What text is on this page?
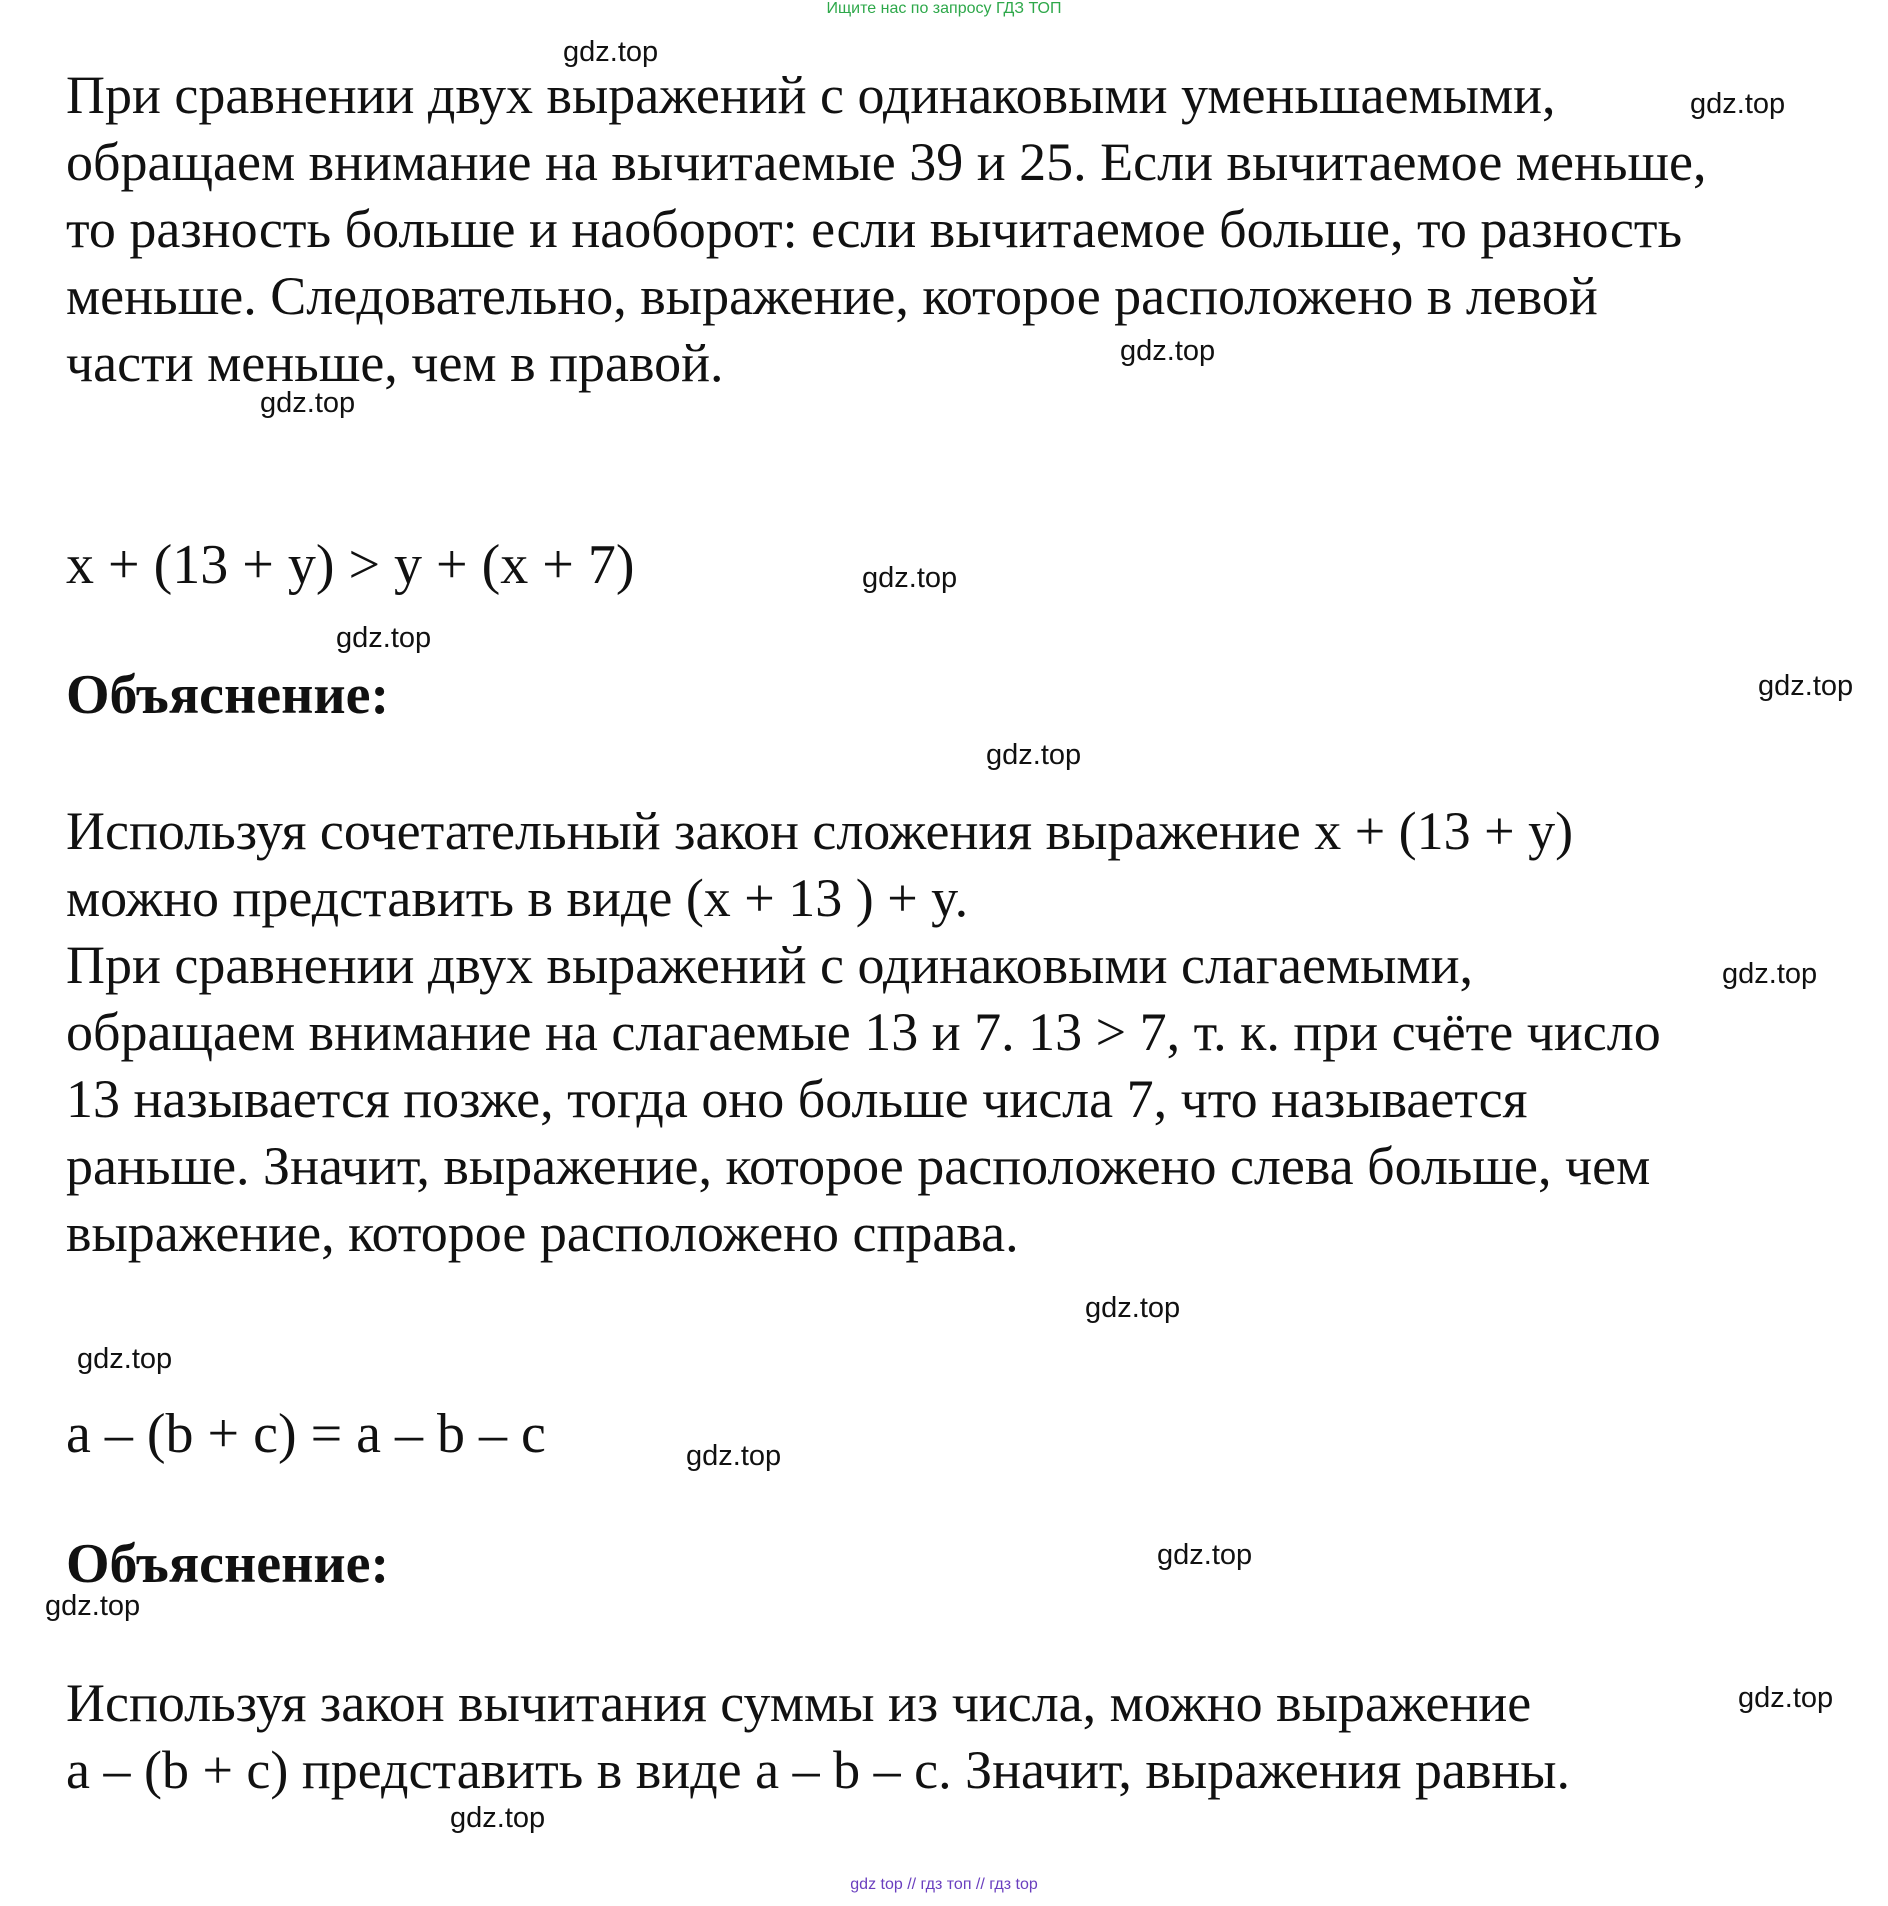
Ищите нас по запросу ГДЗ ТОП
При сравнении двух выражений с одинаковыми уменьшаемыми,
обращаем внимание на вычитаемые 39 и 25. Если вычитаемое меньше,
то разность больше и наоборот: если вычитаемое больше, то разность
меньше. Следовательно, выражение, которое расположено в левой
части меньше, чем в правой.
x + (13 + y) > y + (x + 7)
Объяснение:
Используя сочетательный закон сложения выражение x + (13 + y)
можно представить в виде (x + 13 ) + y.
При сравнении двух выражений с одинаковыми слагаемыми,
обращаем внимание на слагаемые 13 и 7. 13 > 7, т. к. при счёте число
13 называется позже, тогда оно больше числа 7, что называется
раньше. Значит, выражение, которое расположено слева больше, чем
выражение, которое расположено справа.
a – (b + c) = a – b – c
Объяснение:
Используя закон вычитания суммы из числа, можно выражение
a – (b + c) представить в виде a – b – c. Значит, выражения равны.
gdz.top
gdz.top
gdz.top
gdz.top
gdz.top
gdz.top
gdz.top
gdz.top
gdz.top
gdz.top
gdz.top
gdz.top
gdz.top
gdz.top
gdz.top
gdz.top
gdz top // гдз топ // гдз top
